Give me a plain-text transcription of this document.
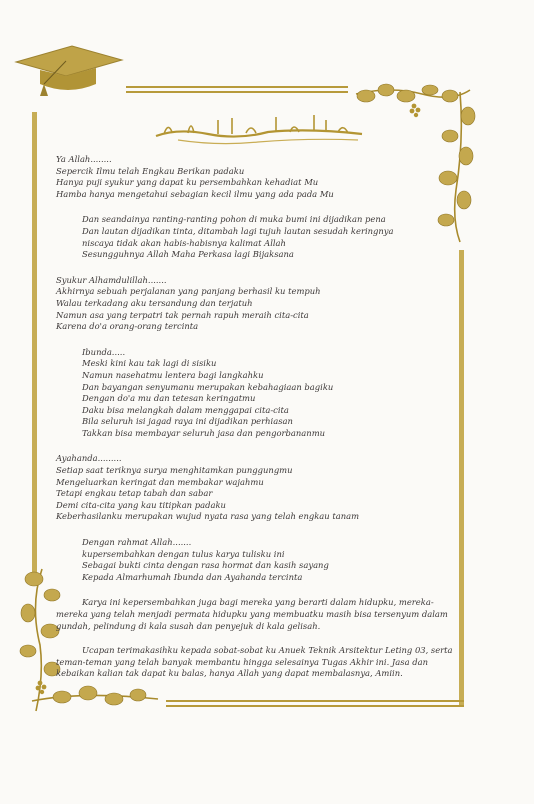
Ya Allah........
Sepercik Ilmu telah Engkau Berikan padaku
Hanya puji syukur yang dapat ku persembahkan kehadiat Mu
Hamba hanya mengetahui sebagian kecil ilmu yang ada pada Mu
Dan seandainya ranting-ranting pohon di muka bumi ini dijadikan pena
Dan lautan dijadikan tinta, ditambah lagi tujuh lautan sesudah keringnya
niscaya tidak akan habis-habisnya kalimat Allah
Sesungguhnya Allah Maha Perkasa lagi Bijaksana
Syukur Alhamdulillah.......
Akhirnya sebuah perjalanan yang panjang berhasil ku tempuh
Walau terkadang aku tersandung dan terjatuh
Namun asa yang terpatri tak pernah rapuh meraih cita-cita
Karena do'a orang-orang tercinta
Ibunda.....
Meski kini kau tak lagi di sisiku
Namun nasehatmu lentera bagi langkahku
Dan bayangan senyumanu merupakan kebahagiaan bagiku
Dengan do'a mu dan tetesan keringatmu
Daku bisa melangkah dalam menggapai cita-cita
Bila seluruh isi jagad raya ini dijadikan perhiasan
Takkan bisa membayar seluruh jasa dan pengorbananmu
Ayahanda.........
Setiap saat teriknya surya menghitamkan punggungmu
Mengeluarkan keringat dan membakar wajahmu
Tetapi engkau tetap tabah dan sabar
Demi cita-cita yang kau titipkan padaku
Keberhasilanku merupakan wujud nyata rasa yang telah engkau tanam
Dengan rahmat Allah.......
kupersembahkan dengan tulus karya tulisku ini
Sebagai bukti cinta dengan rasa hormat dan kasih sayang
Kepada Almarhumah Ibunda dan Ayahanda tercinta

Karya ini kepersembahkan juga bagi mereka yang berarti dalam hidupku, mereka-mereka yang telah menjadi permata hidupku yang membuatku masih bisa tersenyum dalam gundah, pelindung di kala susah dan penyejuk di kala gelisah.

Ucapan terimakasihku kepada sobat-sobat ku Anuek Teknik Arsitektur Leting 03, serta teman-teman yang telah banyak membantu hingga selesainya Tugas Akhir ini. Jasa dan kebaikan kalian tak dapat ku balas, hanya Allah yang dapat membalasnya, Amiin.
